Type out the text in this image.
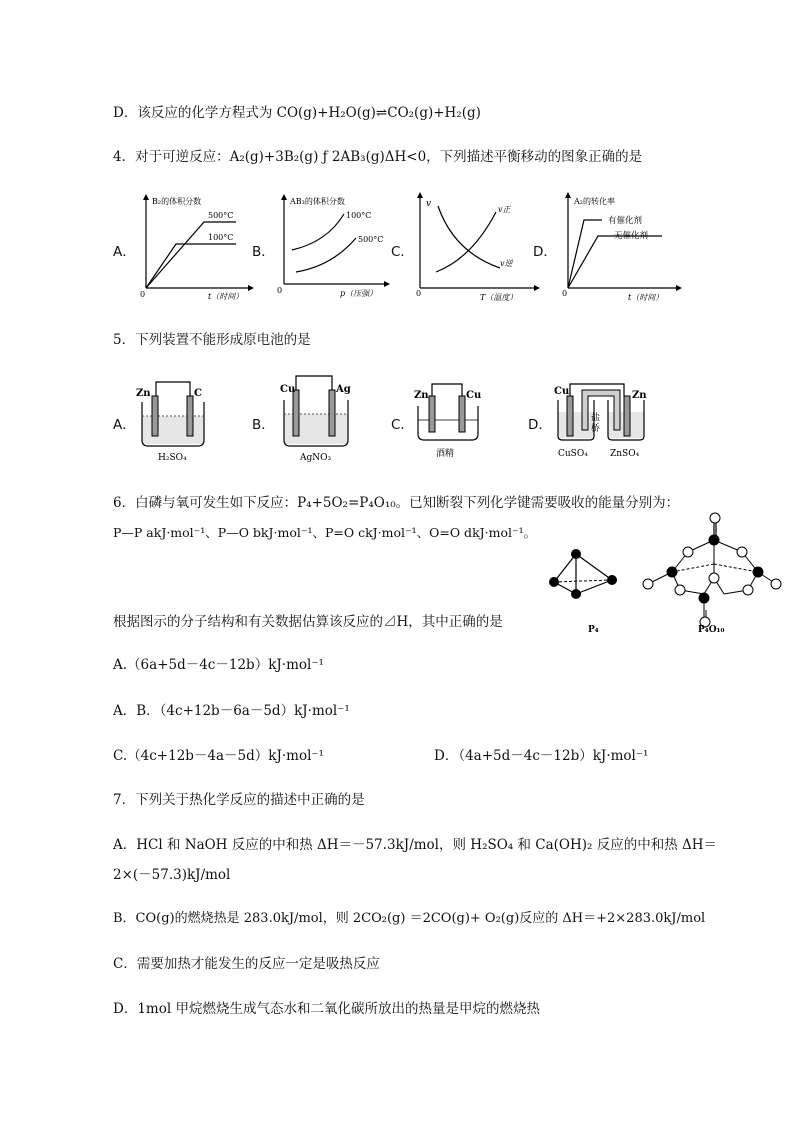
D．该反应的化学方程式为 CO(g)+H₂O(g)⇌CO₂(g)+H₂(g)
4．对于可逆反应：A₂(g)+3B₂(g) ƒ 2AB₃(g)ΔH<0，下列描述平衡移动的图象正确的是
A．
B₂的体积分数
500°C
100°C
0	t（时间）
B．
AB₃的体积分数
100°C
500°C
0	p（压强）
C．
v
v正
v逆
0	T（温度）
D．
A₂的转化率
有催化剂
无催化剂
0	t（时间）
5．下列装置不能形成原电池的是
A．
Zn	C
H₂SO₄
B．
Cu	Ag
AgNO₃
C．
Zn	Cu
酒精
D．
Cu	Zn
盐桥
CuSO₄ ZnSO₄
6．白磷与氧可发生如下反应：P₄+5O₂=P₄O₁₀。已知断裂下列化学键需要吸收的能量分别为：
P—P akJ·mol⁻¹、P—O bkJ·mol⁻¹、P=O ckJ·mol⁻¹、O=O dkJ·mol⁻¹。
P₄	P₄O₁₀
根据图示的分子结构和有关数据估算该反应的⊿H，其中正确的是
A.（6a+5d－4c－12b）kJ·mol⁻¹
A．B．（4c+12b－6a－5d）kJ·mol⁻¹
C.（4c+12b－4a－5d）kJ·mol⁻¹	D．（4a+5d－4c－12b）kJ·mol⁻¹
7．下列关于热化学反应的描述中正确的是
A．HCl 和 NaOH 反应的中和热 ΔH＝－57.3kJ/mol，则 H₂SO₄ 和 Ca(OH)₂ 反应的中和热 ΔH＝
2×(－57.3)kJ/mol
B．CO(g)的燃烧热是 283.0kJ/mol，则 2CO₂(g) ＝2CO(g)+ O₂(g)反应的 ΔH＝+2×283.0kJ/mol
C．需要加热才能发生的反应一定是吸热反应
D．1mol 甲烷燃烧生成气态水和二氧化碳所放出的热量是甲烷的燃烧热
